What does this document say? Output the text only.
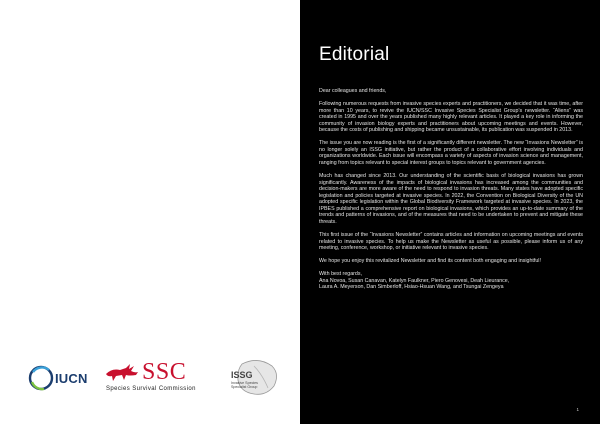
IUCN SSC
Species Survival Commission
ISSG
Invasive Species Specialist Group
Editorial

Dear colleagues and friends,

Following numerous requests from invasive species experts and practitioners, we decided that it was time, after more than 10 years, to revive the IUCN/SSC Invasive Species Specialist Group’s newsletter. “Aliens” was created in 1995 and over the years published many highly relevant articles. It played a key role in informing the community of invasion biology experts and practitioners about upcoming meetings and events. However, because the costs of publishing and shipping became unsustainable, its publication was suspended in 2013.

The issue you are now reading is the first of a significantly different newsletter. The new “Invasions Newsletter” is no longer solely an ISSG initiative, but rather the product of a collaborative effort involving individuals and organizations worldwide. Each issue will encompass a variety of aspects of invasion science and management, ranging from topics relevant to special interest groups to topics relevant to government agencies.

Much has changed since 2013. Our understanding of the scientific basis of biological invasions has grown significantly. Awareness of the impacts of biological invasions has increased among the communities and decision-makers are more aware of the need to respond to invasion threats. Many states have adopted specific legislation and policies targeted at invasive species. In 2022, the Convention on Biological Diversity of the UN adopted specific legislation within the Global Biodiversity Framework targeted at invasive species. In 2023, the IPBES published a comprehensive report on biological invasions, which provides an up-to-date summary of the trends and patterns of invasions, and of the measures that need to be undertaken to prevent and mitigate these threats.

This first issue of the “Invasions Newsletter” contains articles and information on upcoming meetings and events related to invasive species. To help us make the Newsletter as useful as possible, please inform us of any meeting, conference, workshop, or initiative relevant to invasive species.

We hope you enjoy this revitalized Newsletter and find its content both engaging and insightful!

With best regards,

Ana Novoa, Susan Canavan, Katelyn Faulkner, Piero Genovesi, Deah Lieurance,

Laura A. Meyerson, Dan Simberloff, Hsiao-Hsuan Wang, and Tsungai Zengeya

1
